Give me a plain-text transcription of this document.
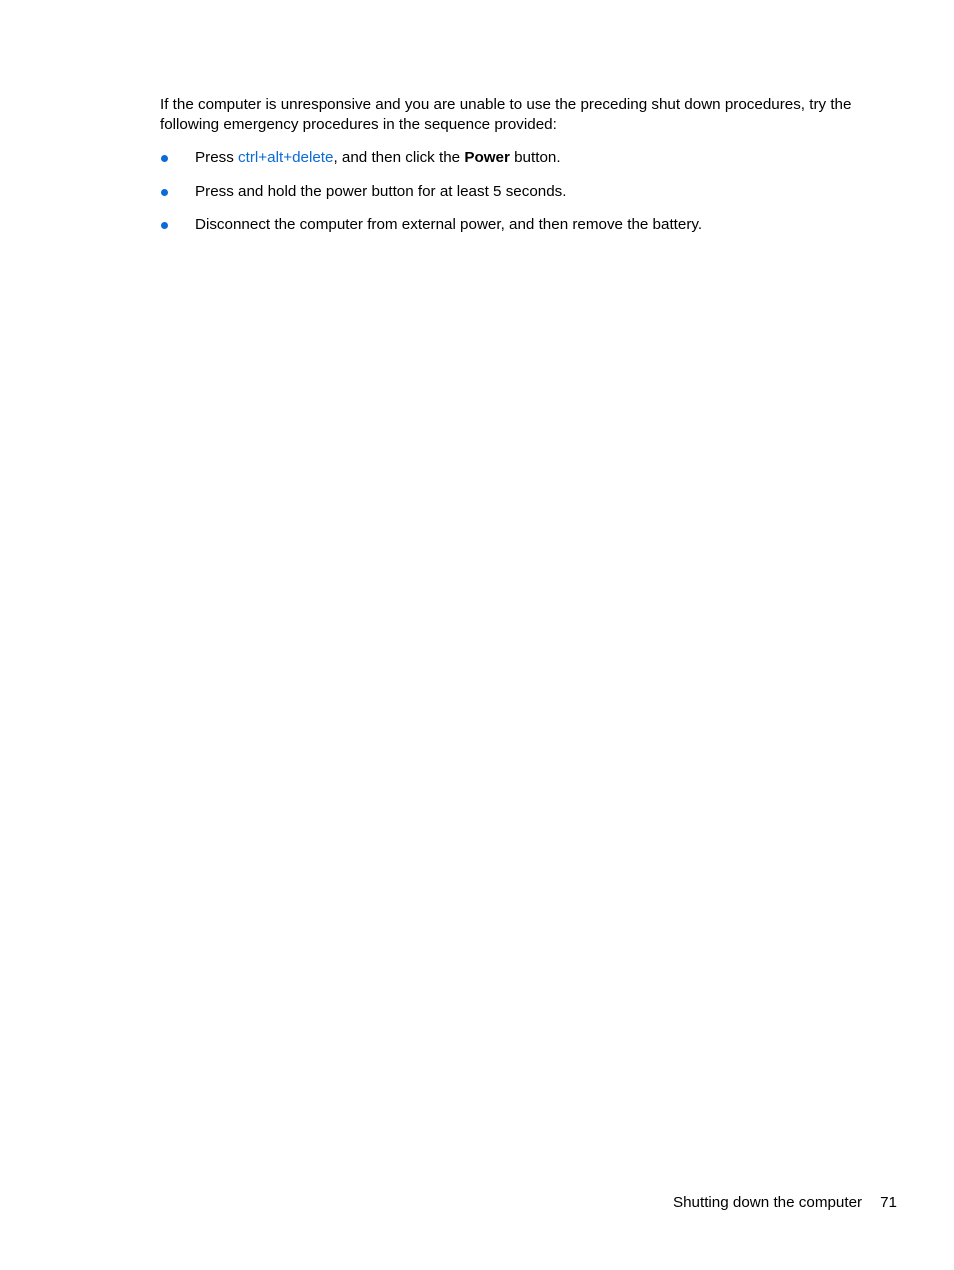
If the computer is unresponsive and you are unable to use the preceding shut down procedures, try the following emergency procedures in the sequence provided:

Press ctrl+alt+delete, and then click the Power button.
Press and hold the power button for at least 5 seconds.
Disconnect the computer from external power, and then remove the battery.
Shutting down the computer 71
